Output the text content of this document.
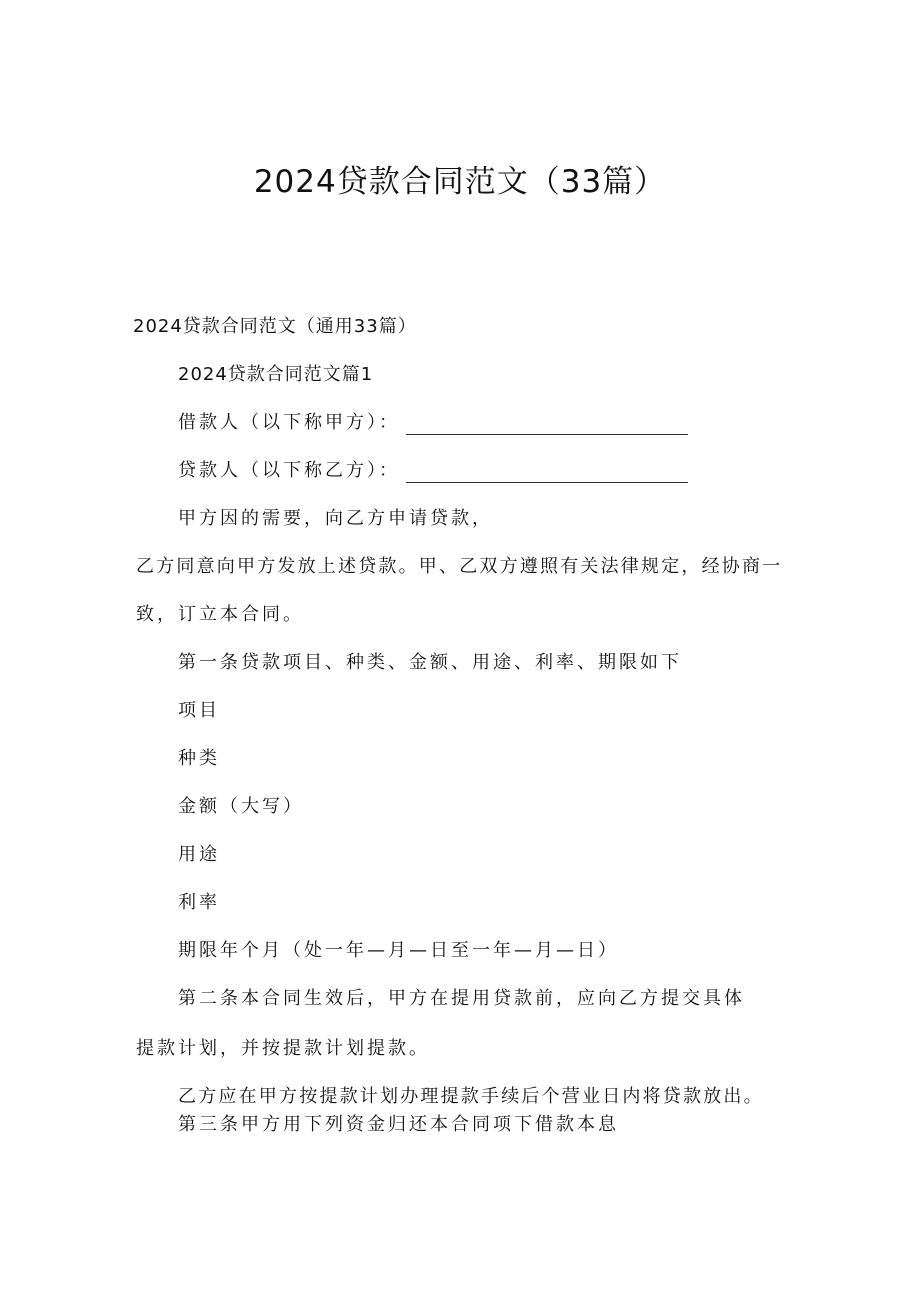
2024贷款合同范文（33篇）
2024贷款合同范文（通用33篇）
2024贷款合同范文篇1
借款人（以下称甲方）：
贷款人（以下称乙方）：
甲方因的需要，向乙方申请贷款，
乙方同意向甲方发放上述贷款。甲、乙双方遵照有关法律规定，经协商一
致，订立本合同。
第一条贷款项目、种类、金额、用途、利率、期限如下
项目
种类
金额（大写）
用途
利率
期限年个月（处一年—月—日至一年—月—日）
第二条本合同生效后，甲方在提用贷款前，应向乙方提交具体
提款计划，并按提款计划提款。
乙方应在甲方按提款计划办理提款手续后个营业日内将贷款放出。
第三条甲方用下列资金归还本合同项下借款本息
